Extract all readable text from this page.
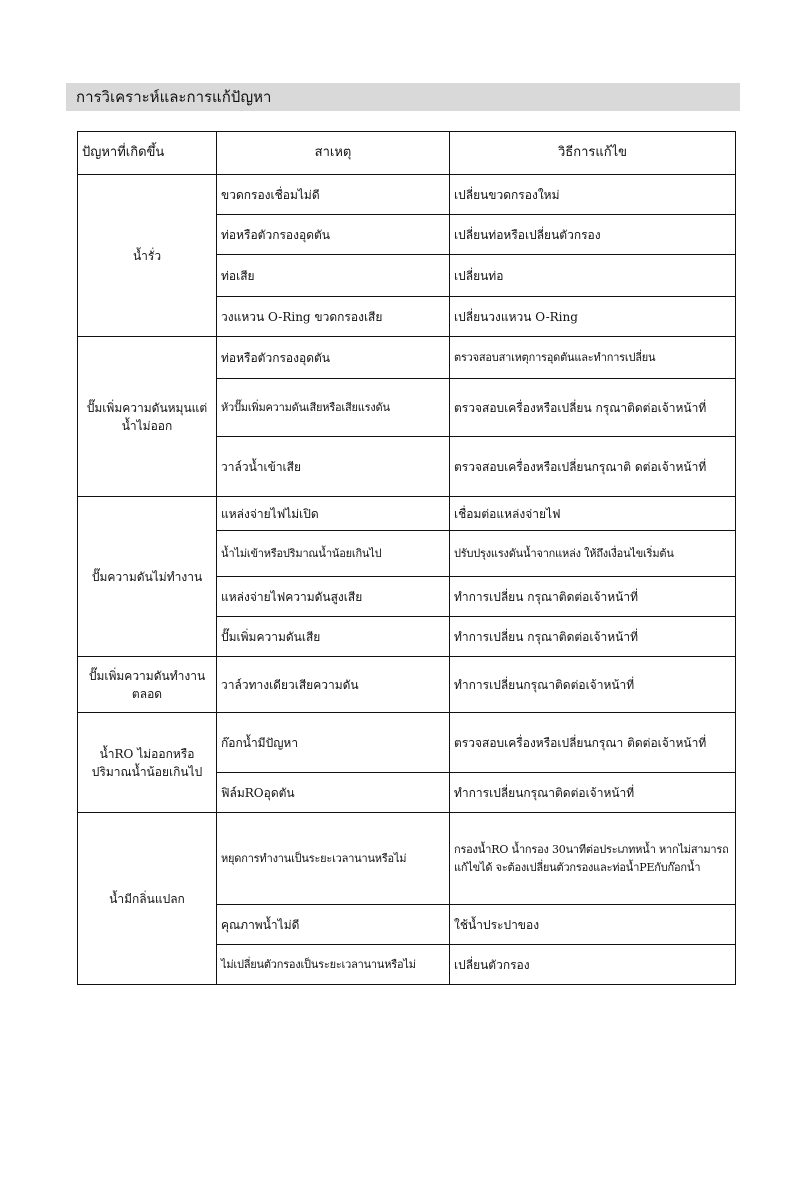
การวิเคราะห์และการแก้ปัญหา
ปัญหาที่เกิดขึ้น	สาเหตุ	วิธีการแก้ไข
น้ำรั่ว	ขวดกรองเชื่อมไม่ดี	เปลี่ยนขวดกรองใหม่
	ท่อหรือตัวกรองอุดตัน	เปลี่ยนท่อหรือเปลี่ยนตัวกรอง
	ท่อเสีย	เปลี่ยนท่อ
	วงแหวน O-Ring ขวดกรองเสีย	เปลี่ยนวงแหวน O-Ring
ปั๊มเพิ่มความดันหมุนแต่ น้ำไม่ออก	ท่อหรือตัวกรองอุดตัน	ตรวจสอบสาเหตุการอุดตันและทำการเปลี่ยน
	หัวปั๊มเพิ่มความดันเสียหรือเสียแรงดัน	ตรวจสอบเครื่องหรือเปลี่ยน กรุณาติดต่อเจ้าหน้าที่
	วาล์วน้ำเข้าเสีย	ตรวจสอบเครื่องหรือเปลี่ยนกรุณาติ ดต่อเจ้าหน้าที่
ปั๊มความดันไม่ทำงาน	แหล่งจ่ายไฟไม่เปิด	เชื่อมต่อแหล่งจ่ายไฟ
	น้ำไม่เข้าหรือปริมาณน้ำน้อยเกินไป	ปรับปรุงแรงดันน้ำจากแหล่ง ให้ถึงเงื่อนไขเริ่มต้น
	แหล่งจ่ายไฟความดันสูงเสีย	ทำการเปลี่ยน กรุณาติดต่อเจ้าหน้าที่
	ปั๊มเพิ่มความดันเสีย	ทำการเปลี่ยน กรุณาติดต่อเจ้าหน้าที่
ปั๊มเพิ่มความดันทำงาน ตลอด	วาล์วทางเดียวเสียความดัน	ทำการเปลี่ยนกรุณาติดต่อเจ้าหน้าที่
น้ำRO ไม่ออกหรือ ปริมาณน้ำน้อยเกินไป	ก๊อกน้ำมีปัญหา	ตรวจสอบเครื่องหรือเปลี่ยนกรุณา ติดต่อเจ้าหน้าที่
	ฟิล์มROอุดตัน	ทำการเปลี่ยนกรุณาติดต่อเจ้าหน้าที่
น้ำมีกลิ่นแปลก	หยุดการทำงานเป็นระยะเวลานานหรือไม่	กรองน้ำRO น้ำกรอง 30นาทีต่อประเภทหน้ำ หากไม่สามารถแก้ไขได้ จะต้องเปลี่ยนตัวกรองและท่อน้ำPEกับก๊อกน้ำ
	คุณภาพน้ำไม่ดี	ใช้น้ำประปาของ
	ไม่เปลี่ยนตัวกรองเป็นระยะเวลานานหรือไม่	เปลี่ยนตัวกรอง
